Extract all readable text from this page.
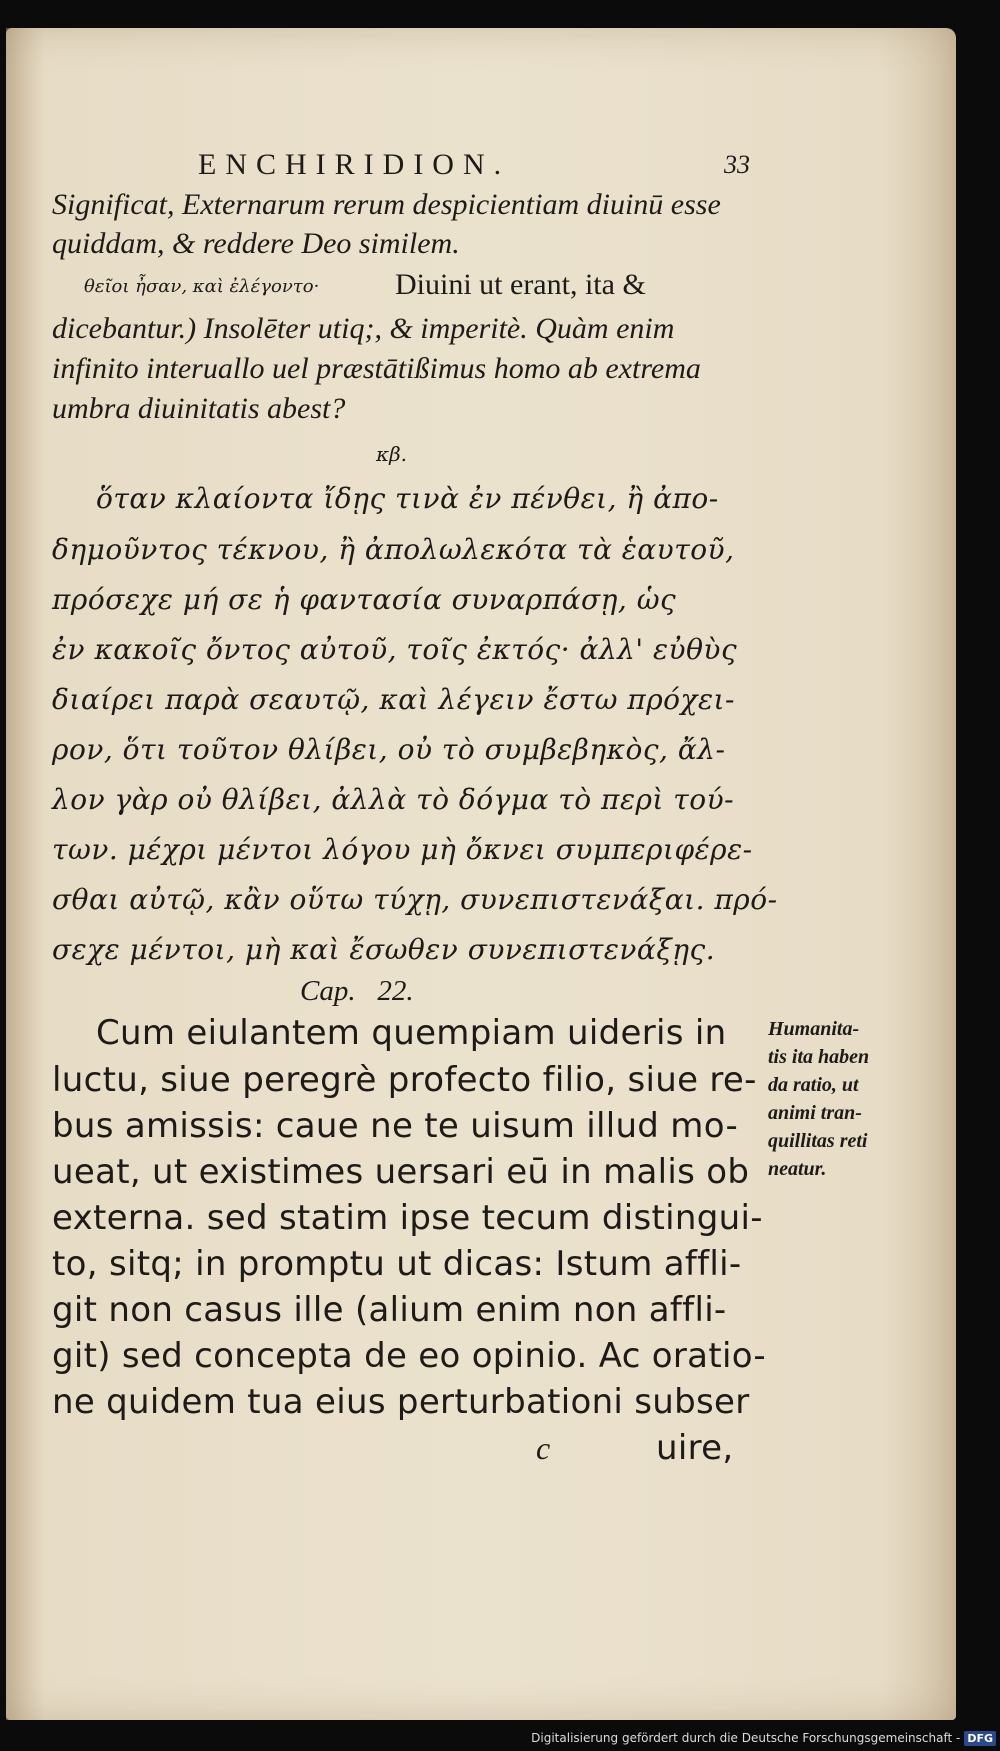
ENCHIRIDION.	33
Significat, Externarum rerum despicientiam diuinū esse
quiddam, & reddere Deo similem.
θεῖοι ἦσαν, καὶ ἐλέγοντο·	Diuini ut erant, ita &
dicebantur.) Insolēter utiq;, & imperitè. Quàm enim
infinito interuallo uel præstātißimus homo ab extrema
umbra diuinitatis abest?
κβ.
ὅταν κλαίοντα ἴδῃς τινὰ ἐν πένθει, ἢ ἀπο-
δημοῦντος τέκνου, ἢ ἀπολωλεκότα τὰ ἑαυτοῦ,
πρόσεχε μή σε ἡ φαντασία συναρπάσῃ, ὡς
ἐν κακοῖς ὄντος αὐτοῦ, τοῖς ἐκτός· ἀλλ' εὐθὺς
διαίρει παρὰ σεαυτῷ, καὶ λέγειν ἔστω πρόχει-
ρον, ὅτι τοῦτον θλίβει, οὐ τὸ συμβεβηκὸς, ἄλ-
λον γὰρ οὐ θλίβει, ἀλλὰ τὸ δόγμα τὸ περὶ τού-
των. μέχρι μέντοι λόγου μὴ ὄκνει συμπεριφέρε-
σθαι αὐτῷ, κἂν οὕτω τύχῃ, συνεπιστενάξαι. πρό-
σεχε μέντοι, μὴ καὶ ἔσωθεν συνεπιστενάξῃς.
Cap.   22.
Cum eiulantem quempiam uideris in
luctu, siue peregrè profecto filio, siue re-
bus amissis: caue ne te uisum illud mo-
ueat, ut existimes uersari eū in malis ob
externa. sed statim ipse tecum distingui-
to, sitq; in promptu ut dicas: Istum affli-
git non casus ille (alium enim non affli-
git) sed concepta de eo opinio. Ac oratio-
ne quidem tua eius perturbationi subser
c	uire,
Humanita-
tis ita haben
da ratio, ut
animi tran-
quillitas reti
neatur.
Digitalisierung gefördert durch die Deutsche Forschungsgemeinschaft - DFG
